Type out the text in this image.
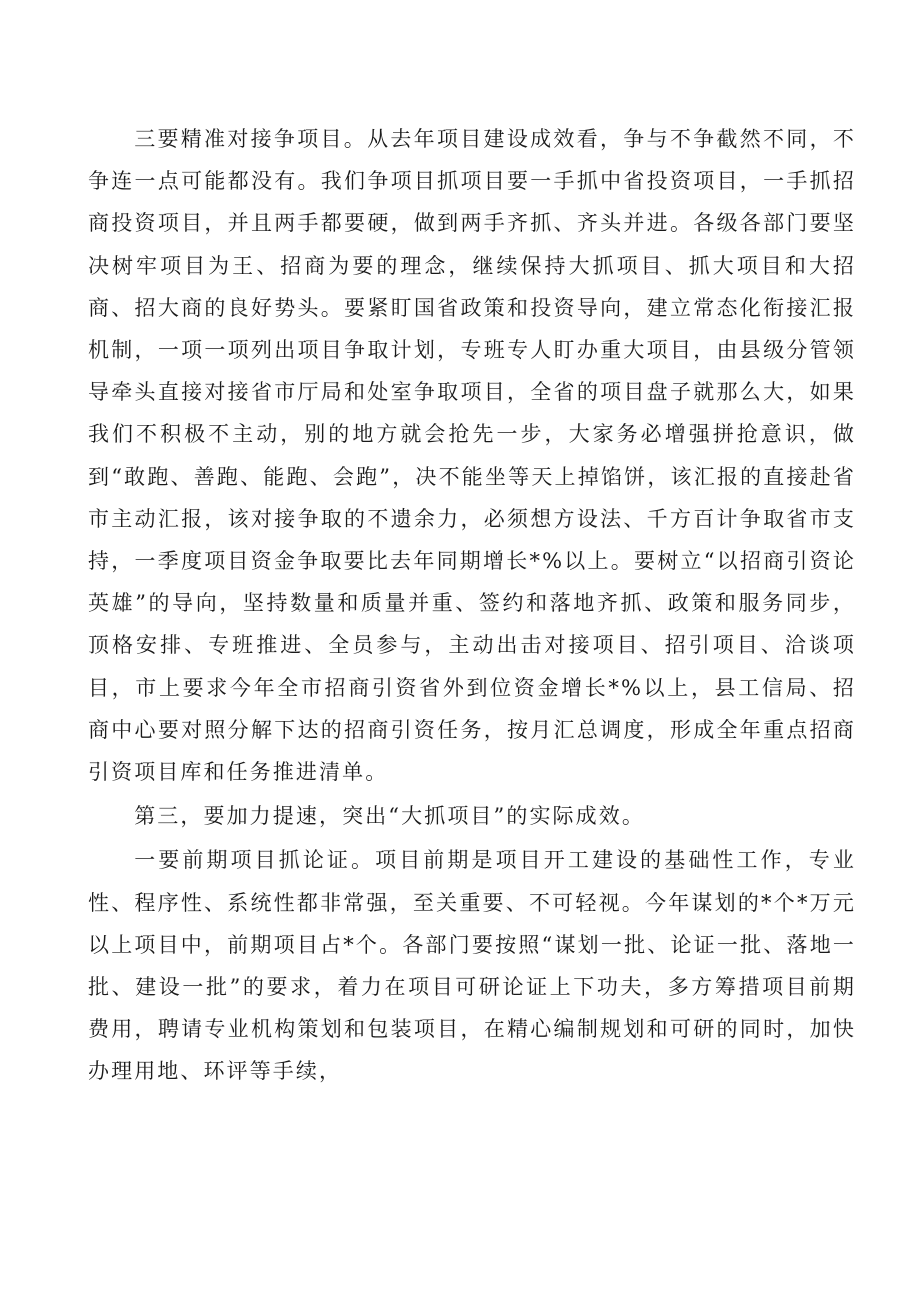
三要精准对接争项目。从去年项目建设成效看，争与不争截然不同，不争连一点可能都没有。我们争项目抓项目要一手抓中省投资项目，一手抓招商投资项目，并且两手都要硬，做到两手齐抓、齐头并进。各级各部门要坚决树牢项目为王、招商为要的理念，继续保持大抓项目、抓大项目和大招商、招大商的良好势头。要紧盯国省政策和投资导向，建立常态化衔接汇报机制，一项一项列出项目争取计划，专班专人盯办重大项目，由县级分管领导牵头直接对接省市厅局和处室争取项目，全省的项目盘子就那么大，如果我们不积极不主动，别的地方就会抢先一步，大家务必增强拼抢意识，做到“敢跑、善跑、能跑、会跑”，决不能坐等天上掉馅饼，该汇报的直接赴省市主动汇报，该对接争取的不遗余力，必须想方设法、千方百计争取省市支持，一季度项目资金争取要比去年同期增长*%以上。要树立“以招商引资论英雄”的导向，坚持数量和质量并重、签约和落地齐抓、政策和服务同步，顶格安排、专班推进、全员参与，主动出击对接项目、招引项目、洽谈项目，市上要求今年全市招商引资省外到位资金增长*%以上，县工信局、招商中心要对照分解下达的招商引资任务，按月汇总调度，形成全年重点招商引资项目库和任务推进清单。

第三，要加力提速，突出“大抓项目”的实际成效。

一要前期项目抓论证。项目前期是项目开工建设的基础性工作，专业性、程序性、系统性都非常强，至关重要、不可轻视。今年谋划的*个*万元以上项目中，前期项目占*个。各部门要按照“谋划一批、论证一批、落地一批、建设一批”的要求，着力在项目可研论证上下功夫，多方筹措项目前期费用，聘请专业机构策划和包装项目，在精心编制规划和可研的同时，加快办理用地、环评等手续，
